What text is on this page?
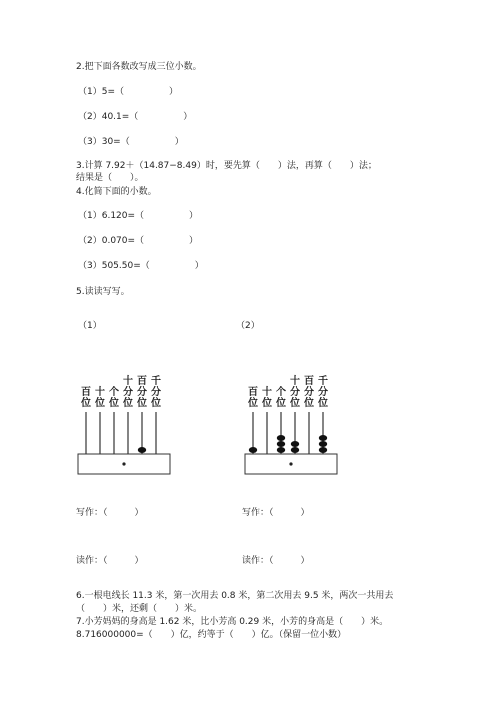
2.把下面各数改写成三位小数。
（1）5=（　　　　　）
（2）40.1=（　　　　　）
（3）30=（　　　　　）
3.计算 7.92＋（14.87−8.49）时，要先算（　　）法，再算（　　）法；
结果是（　　）。
4.化简下面的小数。
（1）6.120=（　　　　　）
（2）0.070=（　　　　　）
（3）505.50=（　　　　　）
5.读读写写。
（1）	（2）
百
位
十
位
个
位
十
分
位
百
分
位
千
分
位
百
位
十
位
个
位
十
分
位
百
分
位
千
分
位
写作：（　　　）	写作：（　　　）
读作：（　　　）	读作：（　　　）
6.一根电线长 11.3 米，第一次用去 0.8 米，第二次用去 9.5 米，两次一共用去
（　　）米，还剩（　　）米。
7.小芳妈妈的身高是 1.62 米，比小芳高 0.29 米，小芳的身高是（　　）米。
8.716000000=（　　）亿，约等于（　　）亿。（保留一位小数）
